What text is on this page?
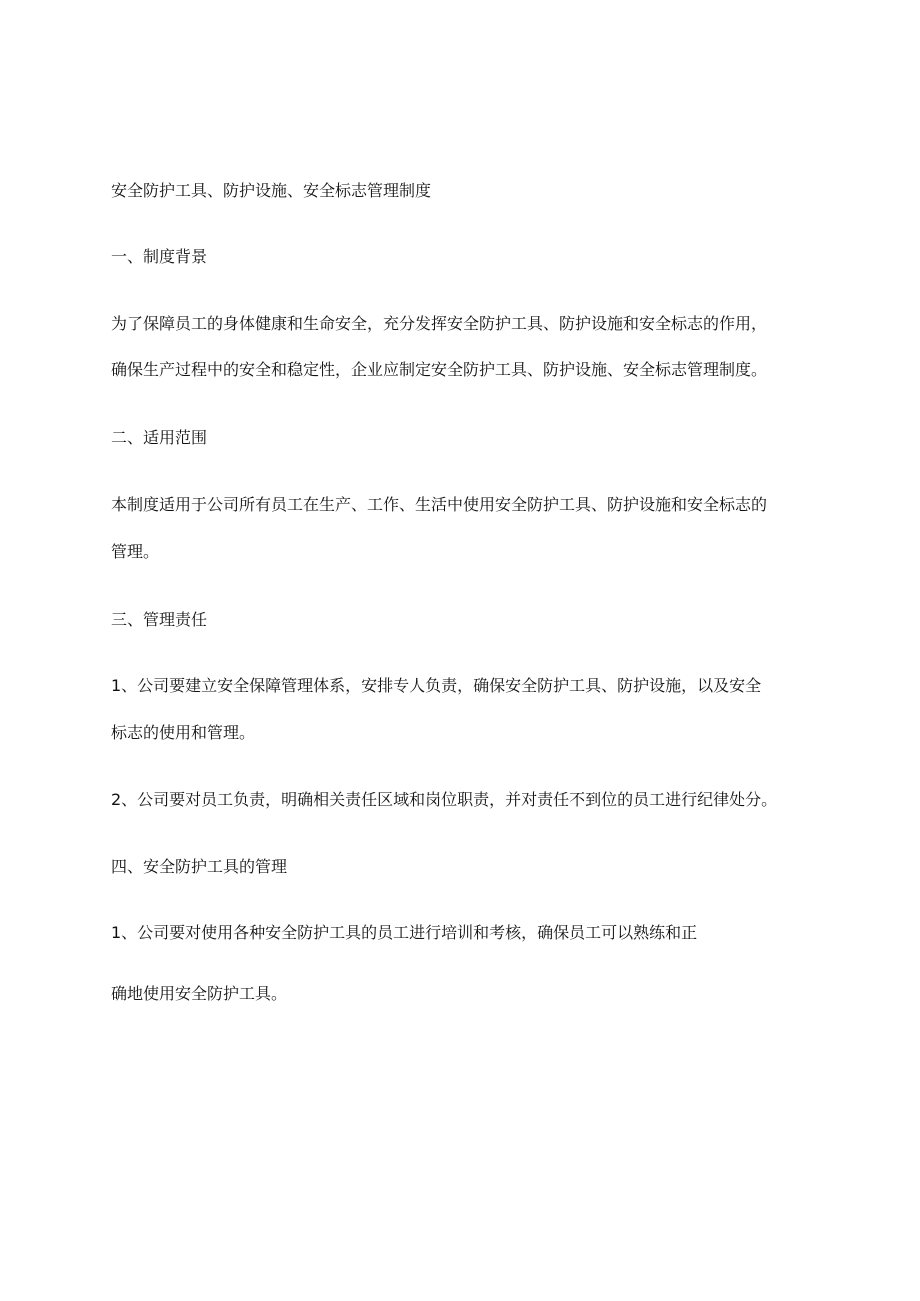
安全防护工具、防护设施、安全标志管理制度

一、制度背景

为了保障员工的身体健康和生命安全，充分发挥安全防护工具、防护设施和安全标志的作用，

确保生产过程中的安全和稳定性，企业应制定安全防护工具、防护设施、安全标志管理制度。

二、适用范围

本制度适用于公司所有员工在生产、工作、生活中使用安全防护工具、防护设施和安全标志的

管理。

三、管理责任

1、公司要建立安全保障管理体系，安排专人负责，确保安全防护工具、防护设施，以及安全

标志的使用和管理。

2、公司要对员工负责，明确相关责任区域和岗位职责，并对责任不到位的员工进行纪律处分。

四、安全防护工具的管理

1、公司要对使用各种安全防护工具的员工进行培训和考核，确保员工可以熟练和正

确地使用安全防护工具。
